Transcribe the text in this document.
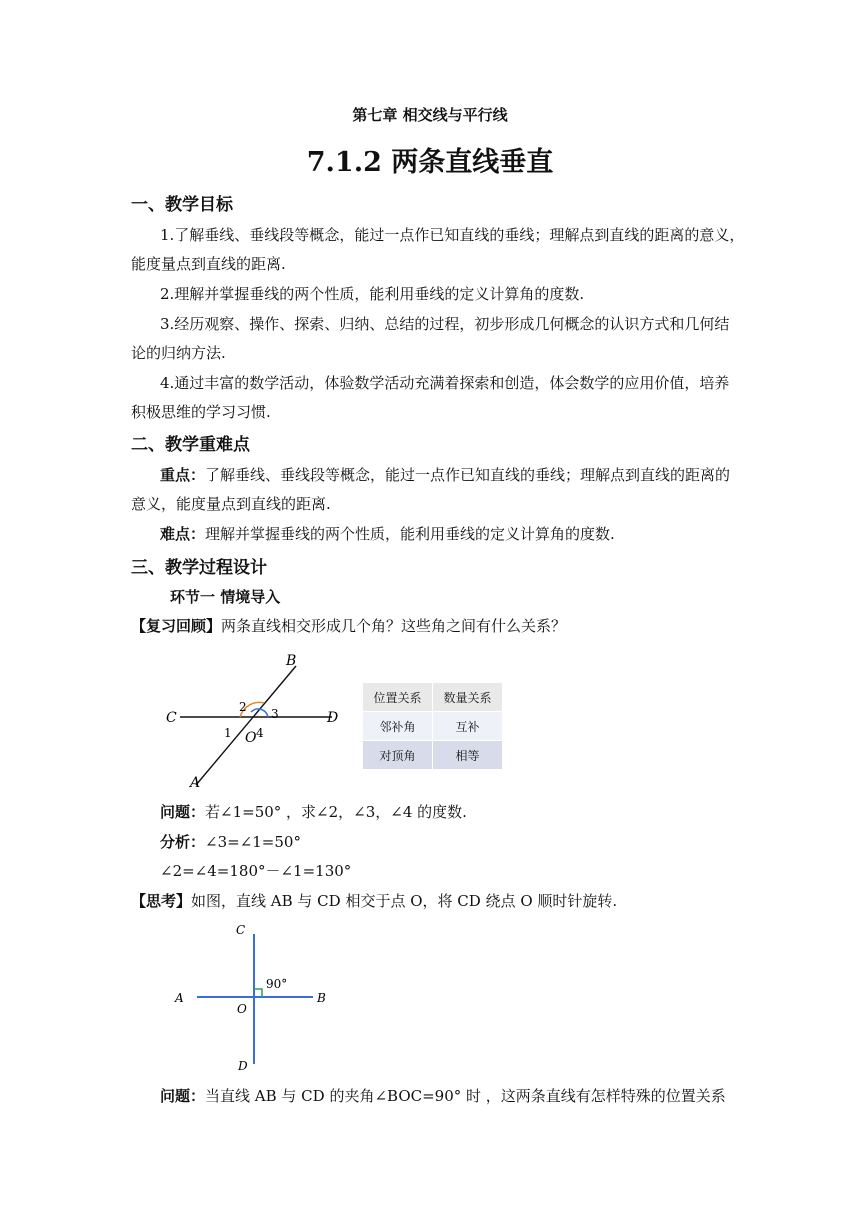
第七章 相交线与平行线
7.1.2 两条直线垂直
一、教学目标
1.了解垂线、垂线段等概念，能过一点作已知直线的垂线；理解点到直线的距离的意义，
能度量点到直线的距离.
2.理解并掌握垂线的两个性质，能利用垂线的定义计算角的度数.
3.经历观察、操作、探索、归纳、总结的过程，初步形成几何概念的认识方式和几何结
论的归纳方法.
4.通过丰富的数学活动，体验数学活动充满着探索和创造，体会数学的应用价值，培养
积极思维的学习习惯.
二、教学重难点
重点：了解垂线、垂线段等概念，能过一点作已知直线的垂线；理解点到直线的距离的
意义，能度量点到直线的距离.
难点：理解并掌握垂线的两个性质，能利用垂线的定义计算角的度数.
三、教学过程设计
环节一 情境导入
【复习回顾】两条直线相交形成几个角？这些角之间有什么关系？
B
C	D
A
O
1
2 3
4
位置关系	数量关系
邻补角	互补
对顶角	相等
问题：若∠1=50° ，求∠2，∠3，∠4 的度数.
分析：∠3=∠1=50°
∠2=∠4=180°－∠1=130°
【思考】如图，直线 AB 与 CD 相交于点 O，将 CD 绕点 O 顺时针旋转.
C
A	B
O
D
90°
问题：当直线 AB 与 CD 的夹角∠BOC=90° 时 ，这两条直线有怎样特殊的位置关系
